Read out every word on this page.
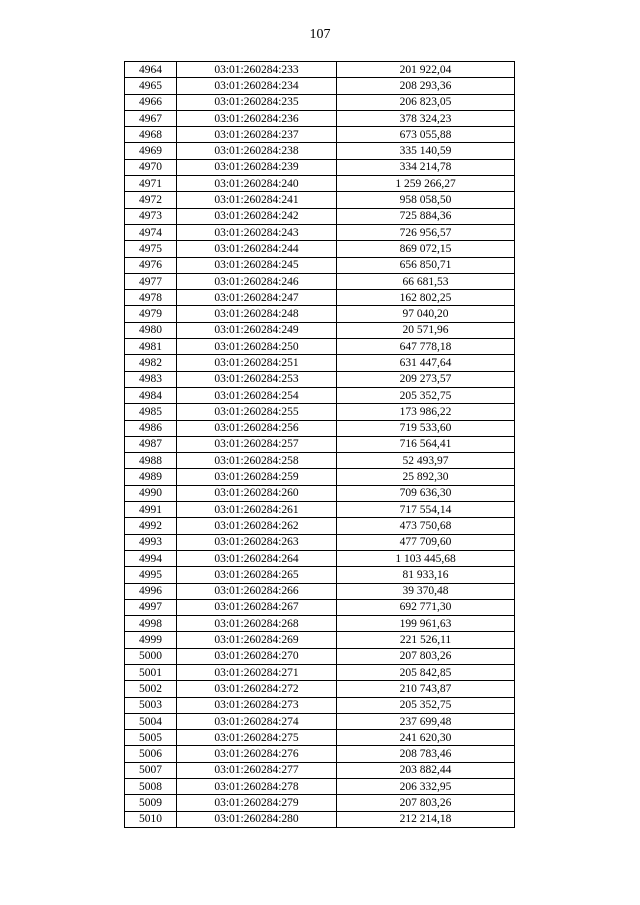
107
4964	03:01:260284:233	201 922,04
4965	03:01:260284:234	208 293,36
4966	03:01:260284:235	206 823,05
4967	03:01:260284:236	378 324,23
4968	03:01:260284:237	673 055,88
4969	03:01:260284:238	335 140,59
4970	03:01:260284:239	334 214,78
4971	03:01:260284:240	1 259 266,27
4972	03:01:260284:241	958 058,50
4973	03:01:260284:242	725 884,36
4974	03:01:260284:243	726 956,57
4975	03:01:260284:244	869 072,15
4976	03:01:260284:245	656 850,71
4977	03:01:260284:246	66 681,53
4978	03:01:260284:247	162 802,25
4979	03:01:260284:248	97 040,20
4980	03:01:260284:249	20 571,96
4981	03:01:260284:250	647 778,18
4982	03:01:260284:251	631 447,64
4983	03:01:260284:253	209 273,57
4984	03:01:260284:254	205 352,75
4985	03:01:260284:255	173 986,22
4986	03:01:260284:256	719 533,60
4987	03:01:260284:257	716 564,41
4988	03:01:260284:258	52 493,97
4989	03:01:260284:259	25 892,30
4990	03:01:260284:260	709 636,30
4991	03:01:260284:261	717 554,14
4992	03:01:260284:262	473 750,68
4993	03:01:260284:263	477 709,60
4994	03:01:260284:264	1 103 445,68
4995	03:01:260284:265	81 933,16
4996	03:01:260284:266	39 370,48
4997	03:01:260284:267	692 771,30
4998	03:01:260284:268	199 961,63
4999	03:01:260284:269	221 526,11
5000	03:01:260284:270	207 803,26
5001	03:01:260284:271	205 842,85
5002	03:01:260284:272	210 743,87
5003	03:01:260284:273	205 352,75
5004	03:01:260284:274	237 699,48
5005	03:01:260284:275	241 620,30
5006	03:01:260284:276	208 783,46
5007	03:01:260284:277	203 882,44
5008	03:01:260284:278	206 332,95
5009	03:01:260284:279	207 803,26
5010	03:01:260284:280	212 214,18
